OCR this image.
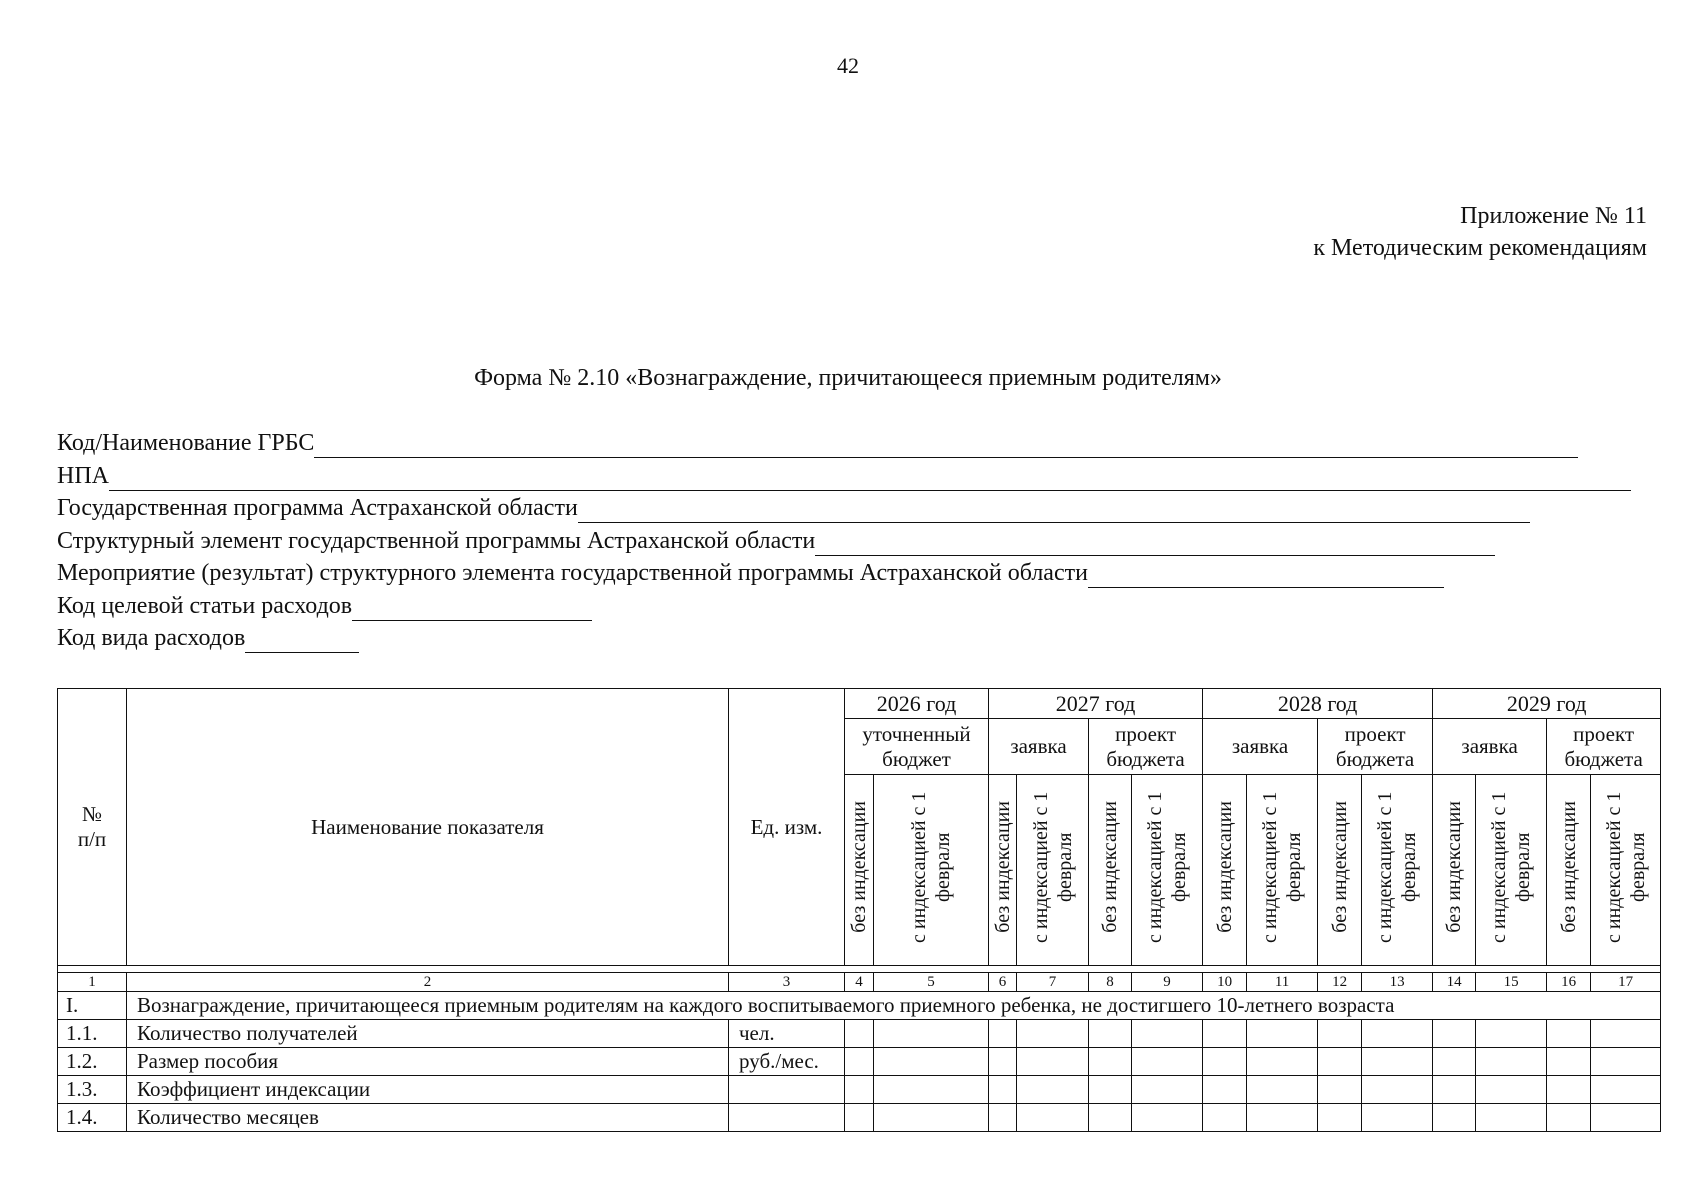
42
Приложение № 11
к Методическим рекомендациям
Форма № 2.10 «Вознаграждение, причитающееся приемным родителям»
Код/Наименование ГРБС
НПА
Государственная программа Астраханской области
Структурный элемент государственной программы Астраханской области
Мероприятие (результат) структурного элемента государственной программы Астраханской области
Код целевой статьи расходов
Код вида расходов
№
п/п	Наименование показателя	Ед. изм.	2026 год		2027 год				2028 год				2029 год			
			уточненный бюджет		заявка		проект бюджета		заявка		проект бюджета		заявка		проект бюджета	
			без индексации	с индексацией с 1 февраля	без индексации	с индексацией с 1 февраля	без индексации	с индексацией с 1 февраля	без индексации	с индексацией с 1 февраля	без индексации	с индексацией с 1 февраля	без индексации	с индексацией с 1 февраля	без индексации	с индексацией с 1 февраля

1	2	3	4	5	6	7	8	9	10	11	12	13	14	15	16	17
I.	Вознаграждение, причитающееся приемным родителям на каждого воспитываемого приемного ребенка, не достигшего 10-летнего возраста															
1.1.	Количество получателей	чел.														
1.2.	Размер пособия	руб./мес.														
1.3.	Коэффициент индексации															
1.4.	Количество месяцев															
